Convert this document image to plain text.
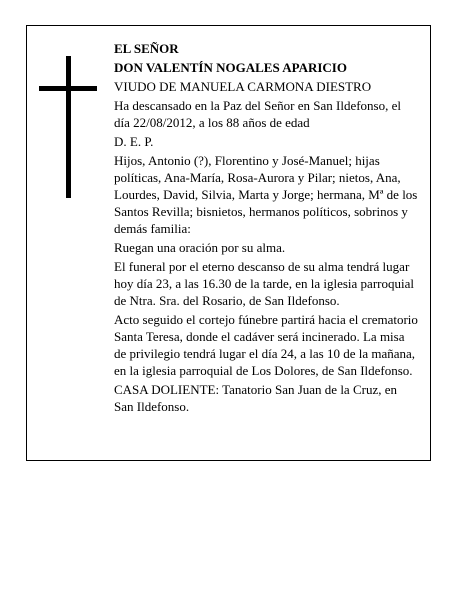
EL SEÑOR

DON VALENTÍN NOGALES APARICIO

VIUDO DE MANUELA CARMONA DIESTRO

Ha descansado en la Paz del Señor en San Ildefonso, el día 22/08/2012, a los 88 años de edad

D. E. P.

Hijos, Antonio (?), Florentino y José-Manuel; hijas políticas, Ana-María, Rosa-Aurora y Pilar; nietos, Ana, Lourdes, David, Silvia, Marta y Jorge; hermana, Mª de los Santos Revilla; bisnietos, hermanos políticos, sobrinos y demás familia:

Ruegan una oración por su alma.

El funeral por el eterno descanso de su alma tendrá lugar hoy día 23, a las 16.30 de la tarde, en la iglesia parroquial de Ntra. Sra. del Rosario, de San Ildefonso.

Acto seguido el cortejo fúnebre partirá hacia el crematorio Santa Teresa, donde el cadáver será incinerado. La misa de privilegio tendrá lugar el día 24, a las 10 de la mañana, en la iglesia parroquial de Los Dolores, de San Ildefonso.

CASA DOLIENTE: Tanatorio San Juan de la Cruz, en San Ildefonso.
